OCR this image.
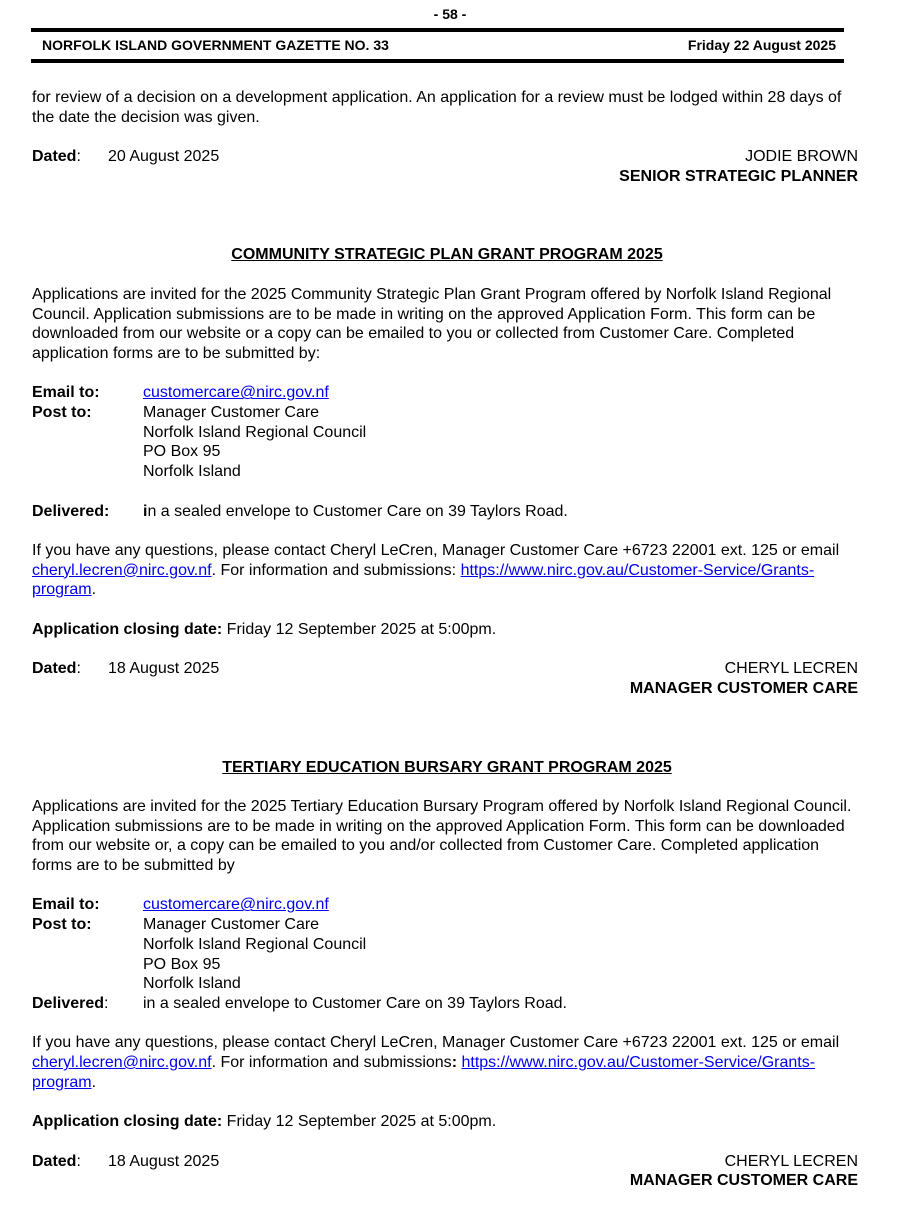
- 58 -
NORFOLK ISLAND GOVERNMENT GAZETTE NO. 33	Friday 22 August 2025

for review of a decision on a development application. An application for a review must be lodged within 28 days of the date the decision was given.

Dated: 20 August 2025	JODIE BROWN
SENIOR STRATEGIC PLANNER
COMMUNITY STRATEGIC PLAN GRANT PROGRAM 2025

Applications are invited for the 2025 Community Strategic Plan Grant Program offered by Norfolk Island Regional Council. Application submissions are to be made in writing on the approved Application Form. This form can be downloaded from our website or a copy can be emailed to you or collected from Customer Care. Completed application forms are to be submitted by:

Email to:	customercare@nirc.gov.nf
Post to:	Manager Customer Care
Norfolk Island Regional Council
PO Box 95
Norfolk Island
Delivered:	in a sealed envelope to Customer Care on 39 Taylors Road.

If you have any questions, please contact Cheryl LeCren, Manager Customer Care +6723 22001 ext. 125 or email cheryl.lecren@nirc.gov.nf. For information and submissions: https://www.nirc.gov.au/Customer-Service/Grants-program.

Application closing date: Friday 12 September 2025 at 5:00pm.

Dated: 18 August 2025	CHERYL LECREN
MANAGER CUSTOMER CARE
TERTIARY EDUCATION BURSARY GRANT PROGRAM 2025

Applications are invited for the 2025 Tertiary Education Bursary Program offered by Norfolk Island Regional Council. Application submissions are to be made in writing on the approved Application Form. This form can be downloaded from our website or, a copy can be emailed to you and/or collected from Customer Care. Completed application forms are to be submitted by

Email to:	customercare@nirc.gov.nf
Post to:	Manager Customer Care
Norfolk Island Regional Council
PO Box 95
Norfolk Island
Delivered:	in a sealed envelope to Customer Care on 39 Taylors Road.

If you have any questions, please contact Cheryl LeCren, Manager Customer Care +6723 22001 ext. 125 or email cheryl.lecren@nirc.gov.nf. For information and submissions: https://www.nirc.gov.au/Customer-Service/Grants-program.

Application closing date: Friday 12 September 2025 at 5:00pm.

Dated: 18 August 2025	CHERYL LECREN
MANAGER CUSTOMER CARE
